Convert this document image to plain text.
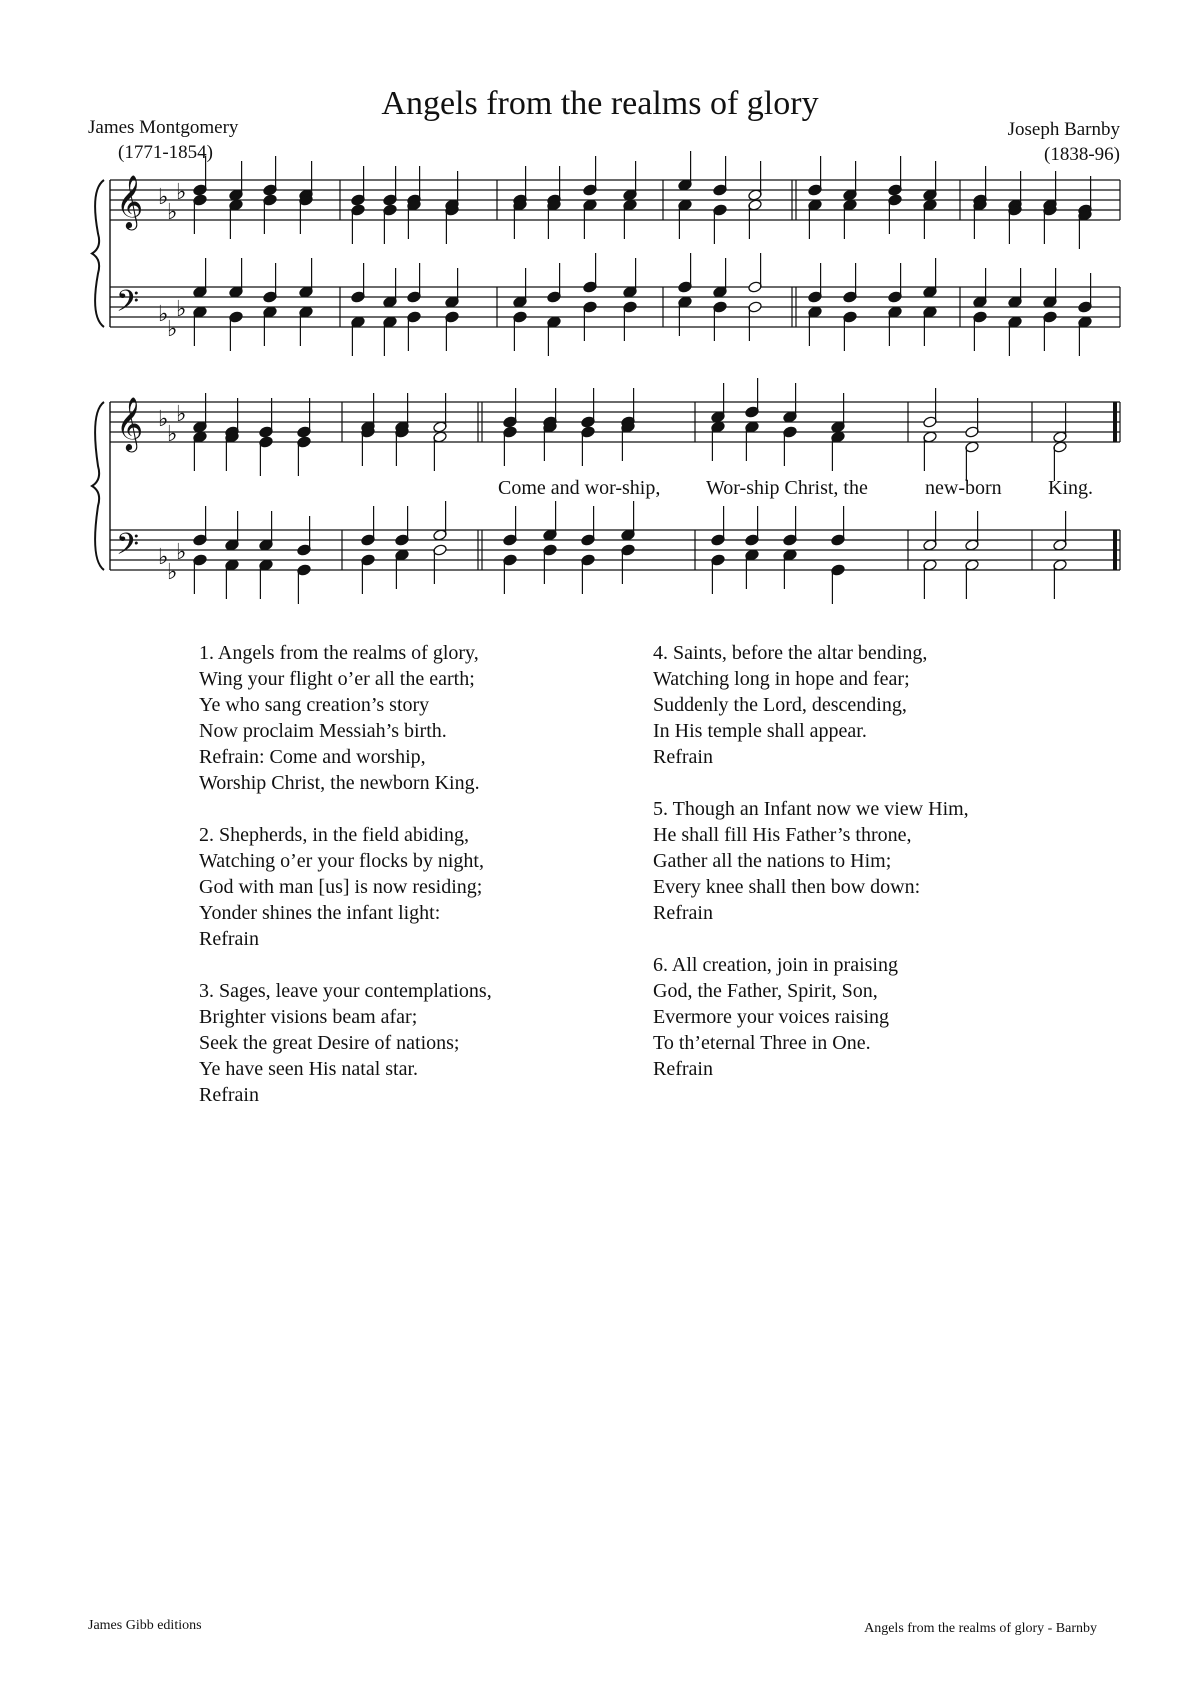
Angels from the realms of glory
James Montgomery
(1771-1854)
Joseph Barnby
(1838-96)
𝄞
𝄢
♭
♭
♭
♭
♭
♭
𝄞
𝄢
♭
♭
♭
♭
♭
♭
Come and wor-ship, Wor-ship Christ, the	new-born King.
1. Angels from the realms of glory,
Wing your flight o’er all the earth;
Ye who sang creation’s story
Now proclaim Messiah’s birth.
Refrain: Come and worship,
Worship Christ, the newborn King.
2. Shepherds, in the field abiding,
Watching o’er your flocks by night,
God with man [us] is now residing;
Yonder shines the infant light:
Refrain
3. Sages, leave your contemplations,
Brighter visions beam afar;
Seek the great Desire of nations;
Ye have seen His natal star.
Refrain
4. Saints, before the altar bending,
Watching long in hope and fear;
Suddenly the Lord, descending,
In His temple shall appear.
Refrain
5. Though an Infant now we view Him,
He shall fill His Father’s throne,
Gather all the nations to Him;
Every knee shall then bow down:
Refrain
6. All creation, join in praising
God, the Father, Spirit, Son,
Evermore your voices raising
To th’eternal Three in One.
Refrain
James Gibb editions	Angels from the realms of glory - Barnby
